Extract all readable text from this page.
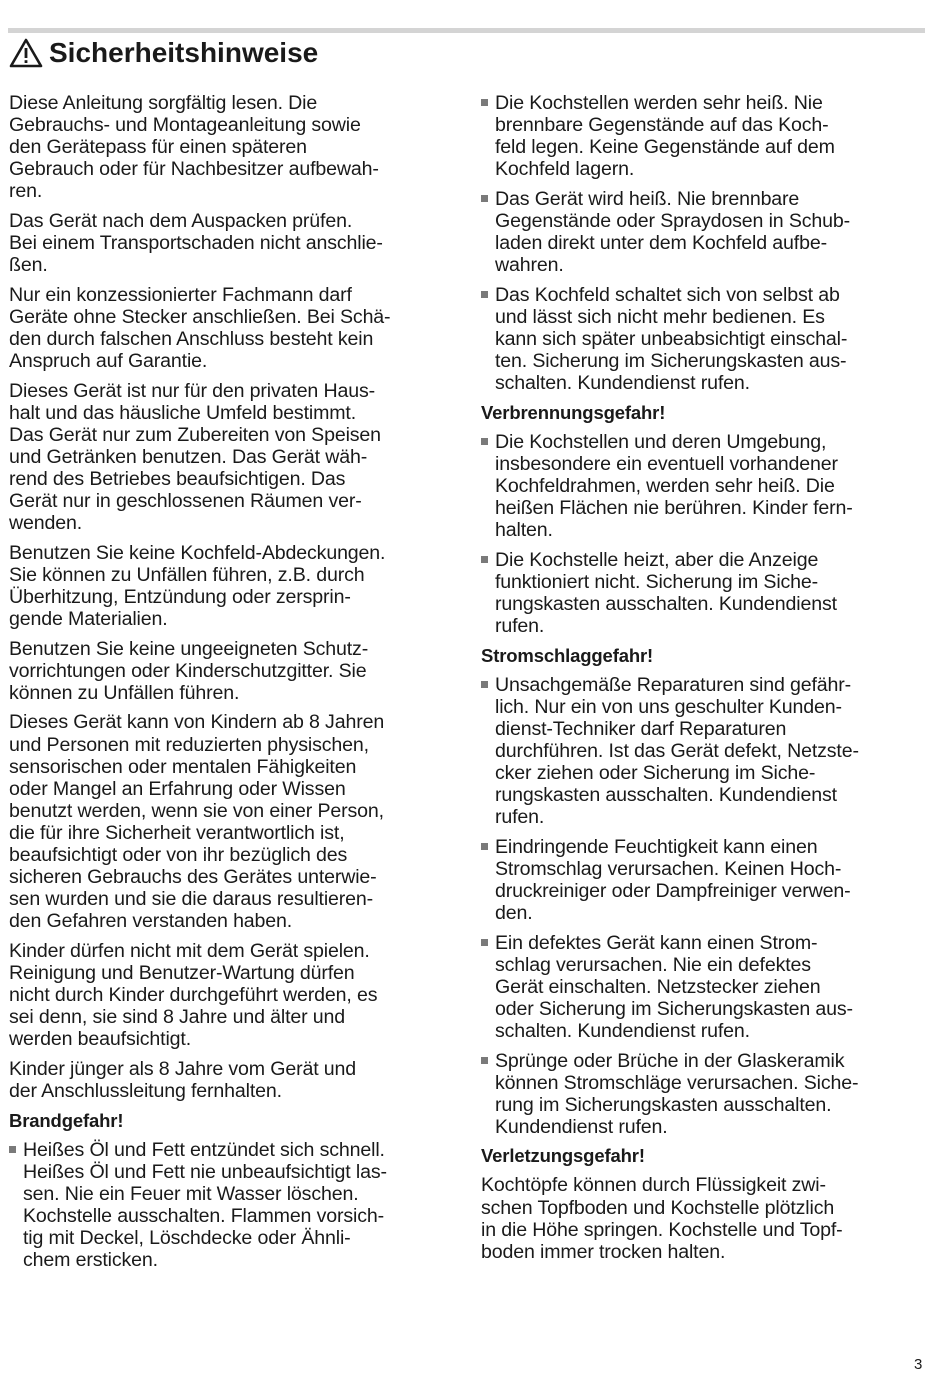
Sicherheitshinweise
Diese Anleitung sorgfältig lesen. Die
Gebrauchs- und Montageanleitung sowie
den Gerätepass für einen späteren
Gebrauch oder für Nachbesitzer aufbewah-
ren.
Das Gerät nach dem Auspacken prüfen.
Bei einem Transportschaden nicht anschlie-
ßen.
Nur ein konzessionierter Fachmann darf
Geräte ohne Stecker anschließen. Bei Schä-
den durch falschen Anschluss besteht kein
Anspruch auf Garantie.
Dieses Gerät ist nur für den privaten Haus-
halt und das häusliche Umfeld bestimmt.
Das Gerät nur zum Zubereiten von Speisen
und Getränken benutzen. Das Gerät wäh-
rend des Betriebes beaufsichtigen. Das
Gerät nur in geschlossenen Räumen ver-
wenden.
Benutzen Sie keine Kochfeld-Abdeckungen.
Sie können zu Unfällen führen, z.B. durch
Überhitzung, Entzündung oder zersprin-
gende Materialien.
Benutzen Sie keine ungeeigneten Schutz-
vorrichtungen oder Kinderschutzgitter. Sie
können zu Unfällen führen.
Dieses Gerät kann von Kindern ab 8 Jahren
und Personen mit reduzierten physischen,
sensorischen oder mentalen Fähigkeiten
oder Mangel an Erfahrung oder Wissen
benutzt werden, wenn sie von einer Person,
die für ihre Sicherheit verantwortlich ist,
beaufsichtigt oder von ihr bezüglich des
sicheren Gebrauchs des Gerätes unterwie-
sen wurden und sie die daraus resultieren-
den Gefahren verstanden haben.
Kinder dürfen nicht mit dem Gerät spielen.
Reinigung und Benutzer-Wartung dürfen
nicht durch Kinder durchgeführt werden, es
sei denn, sie sind 8 Jahre und älter und
werden beaufsichtigt.
Kinder jünger als 8 Jahre vom Gerät und
der Anschlussleitung fernhalten.
Brandgefahr!
Heißes Öl und Fett entzündet sich schnell.
Heißes Öl und Fett nie unbeaufsichtigt las-
sen. Nie ein Feuer mit Wasser löschen.
Kochstelle ausschalten. Flammen vorsich-
tig mit Deckel, Löschdecke oder Ähnli-
chem ersticken.
Die Kochstellen werden sehr heiß. Nie
brennbare Gegenstände auf das Koch-
feld legen. Keine Gegenstände auf dem
Kochfeld lagern.
Das Gerät wird heiß. Nie brennbare
Gegenstände oder Spraydosen in Schub-
laden direkt unter dem Kochfeld aufbe-
wahren.
Das Kochfeld schaltet sich von selbst ab
und lässt sich nicht mehr bedienen. Es
kann sich später unbeabsichtigt einschal-
ten. Sicherung im Sicherungskasten aus-
schalten. Kundendienst rufen.
Verbrennungsgefahr!
Die Kochstellen und deren Umgebung,
insbesondere ein eventuell vorhandener
Kochfeldrahmen, werden sehr heiß. Die
heißen Flächen nie berühren. Kinder fern-
halten.
Die Kochstelle heizt, aber die Anzeige
funktioniert nicht. Sicherung im Siche-
rungskasten ausschalten. Kundendienst
rufen.
Stromschlaggefahr!
Unsachgemäße Reparaturen sind gefähr-
lich. Nur ein von uns geschulter Kunden-
dienst-Techniker darf Reparaturen
durchführen. Ist das Gerät defekt, Netzste-
cker ziehen oder Sicherung im Siche-
rungskasten ausschalten. Kundendienst
rufen.
Eindringende Feuchtigkeit kann einen
Stromschlag verursachen. Keinen Hoch-
druckreiniger oder Dampfreiniger verwen-
den.
Ein defektes Gerät kann einen Strom-
schlag verursachen. Nie ein defektes
Gerät einschalten. Netzstecker ziehen
oder Sicherung im Sicherungskasten aus-
schalten. Kundendienst rufen.
Sprünge oder Brüche in der Glaskeramik
können Stromschläge verursachen. Siche-
rung im Sicherungskasten ausschalten.
Kundendienst rufen.
Verletzungsgefahr!
Kochtöpfe können durch Flüssigkeit zwi-
schen Topfboden und Kochstelle plötzlich
in die Höhe springen. Kochstelle und Topf-
boden immer trocken halten.
3
